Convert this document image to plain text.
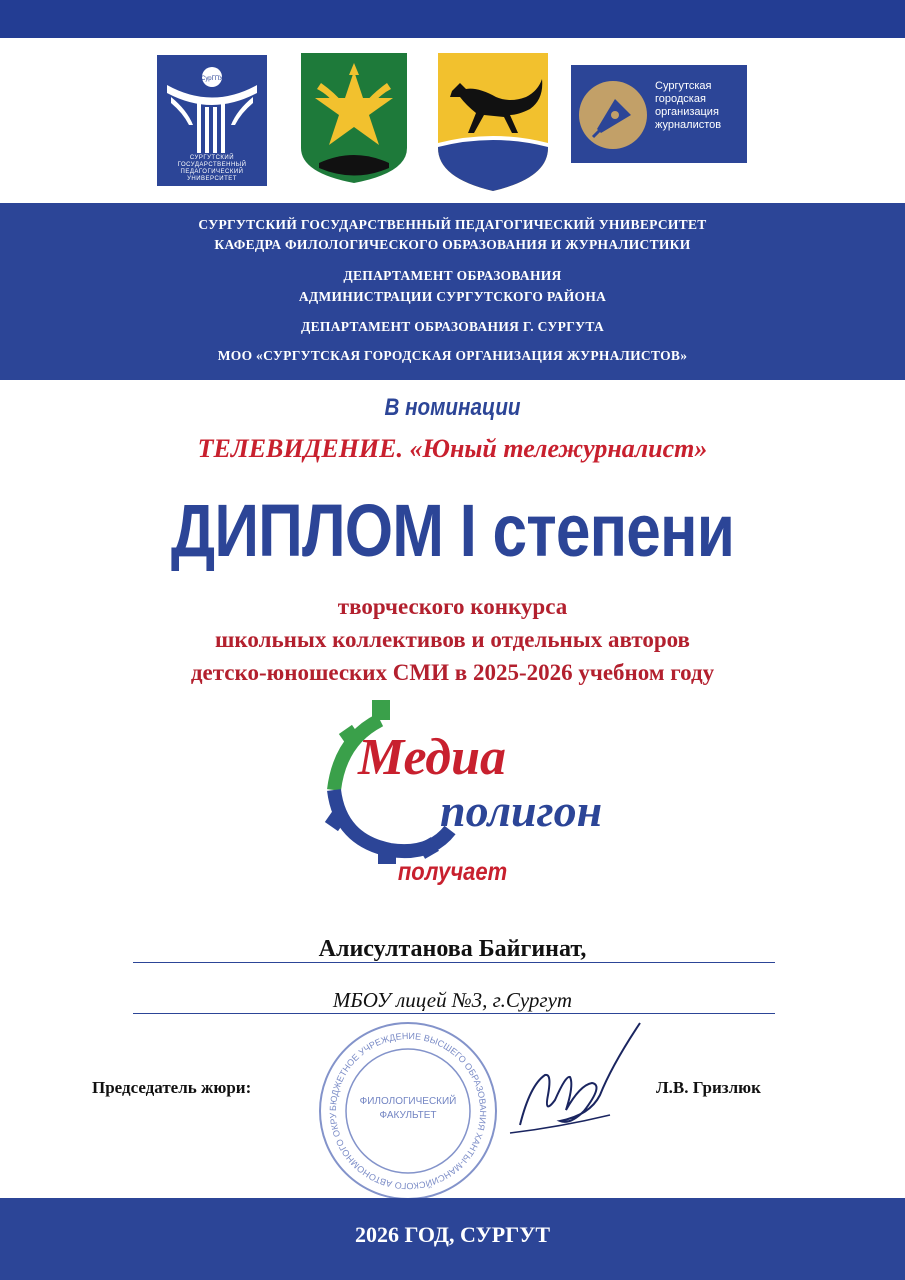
СурГПУ
СУРГУТСКИЙ ГОСУДАРСТВЕННЫЙ ПЕДАГОГИЧЕСКИЙ УНИВЕРСИТЕТ
Сургутская
городская
организация
журналистов
СУРГУТСКИЙ ГОСУДАРСТВЕННЫЙ ПЕДАГОГИЧЕСКИЙ УНИВЕРСИТЕТ
КАФЕДРА ФИЛОЛОГИЧЕСКОГО ОБРАЗОВАНИЯ И ЖУРНАЛИСТИКИ
ДЕПАРТАМЕНТ ОБРАЗОВАНИЯ
АДМИНИСТРАЦИИ СУРГУТСКОГО РАЙОНА
ДЕПАРТАМЕНТ ОБРАЗОВАНИЯ Г. СУРГУТА
МОО «СУРГУТСКАЯ ГОРОДСКАЯ ОРГАНИЗАЦИЯ ЖУРНАЛИСТОВ»
В номинации
ТЕЛЕВИДЕНИЕ. «Юный тележурналист»
ДИПЛОМ I степени
творческого конкурса
школьных коллективов и отдельных авторов
детско-юношеских СМИ в 2025-2026 учебном году
Медиа
полигон
получает
Алисултанова Байгинат,
МБОУ лицей №3, г.Сургут
БЮДЖЕТНОЕ УЧРЕЖДЕНИЕ ВЫСШЕГО ОБРАЗОВАНИЯ ХАНТЫ-МАНСИЙСКОГО АВТОНОМНОГО ОКРУ
ФИЛОЛОГИЧЕСКИЙ
ФАКУЛЬТЕТ
Председатель жюри:	Л.В. Гризлюк
2026 ГОД, СУРГУТ
